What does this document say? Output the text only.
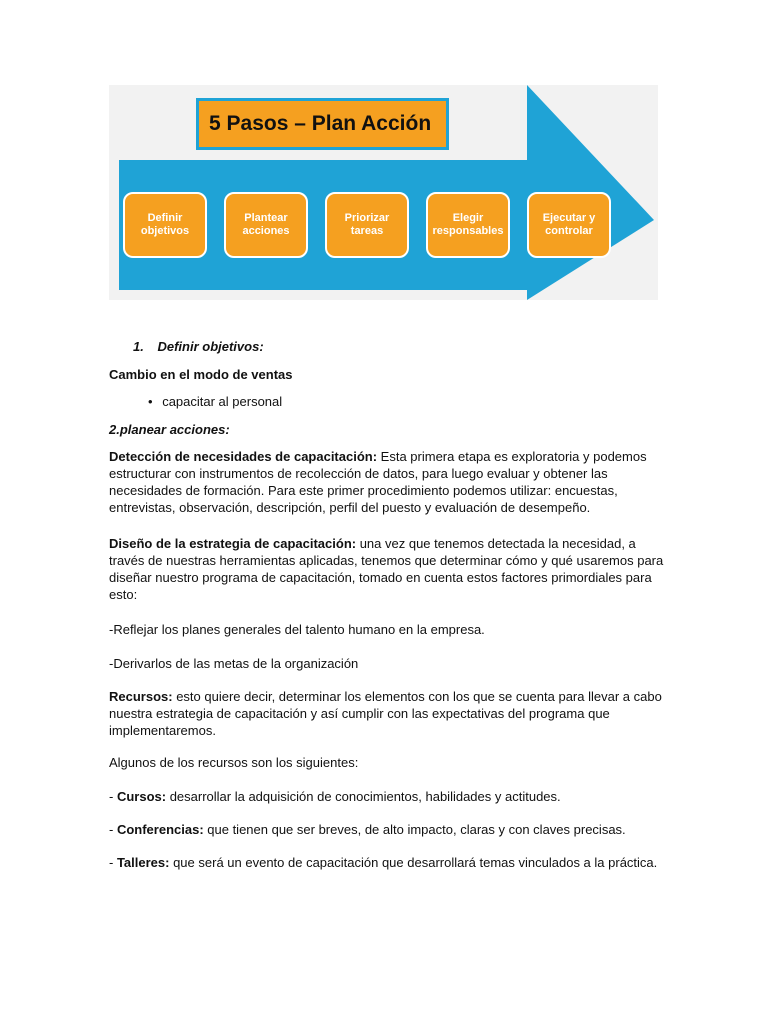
5 Pasos – Plan Acción
Definir
objetivos
Plantear
acciones
Priorizar
tareas
Elegir
responsables
Ejecutar y
controlar
1. Definir objetivos:
Cambio en el modo de ventas
• capacitar al personal
2.planear acciones:
Detección de necesidades de capacitación: Esta primera etapa es exploratoria y podemos estructurar con instrumentos de recolección de datos, para luego evaluar y obtener las necesidades de formación. Para este primer procedimiento podemos utilizar: encuestas, entrevistas, observación, descripción, perfil del puesto y evaluación de desempeño.
Diseño de la estrategia de capacitación: una vez que tenemos detectada la necesidad, a través de nuestras herramientas aplicadas, tenemos que determinar cómo y qué usaremos para diseñar nuestro programa de capacitación, tomado en cuenta estos factores primordiales para esto:
-Reflejar los planes generales del talento humano en la empresa.
-Derivarlos de las metas de la organización
Recursos: esto quiere decir, determinar los elementos con los que se cuenta para llevar a cabo nuestra estrategia de capacitación y así cumplir con las expectativas del programa que implementaremos.
Algunos de los recursos son los siguientes:
- Cursos: desarrollar la adquisición de conocimientos, habilidades y actitudes.
- Conferencias: que tienen que ser breves, de alto impacto, claras y con claves precisas.
- Talleres: que será un evento de capacitación que desarrollará temas vinculados a la práctica.
